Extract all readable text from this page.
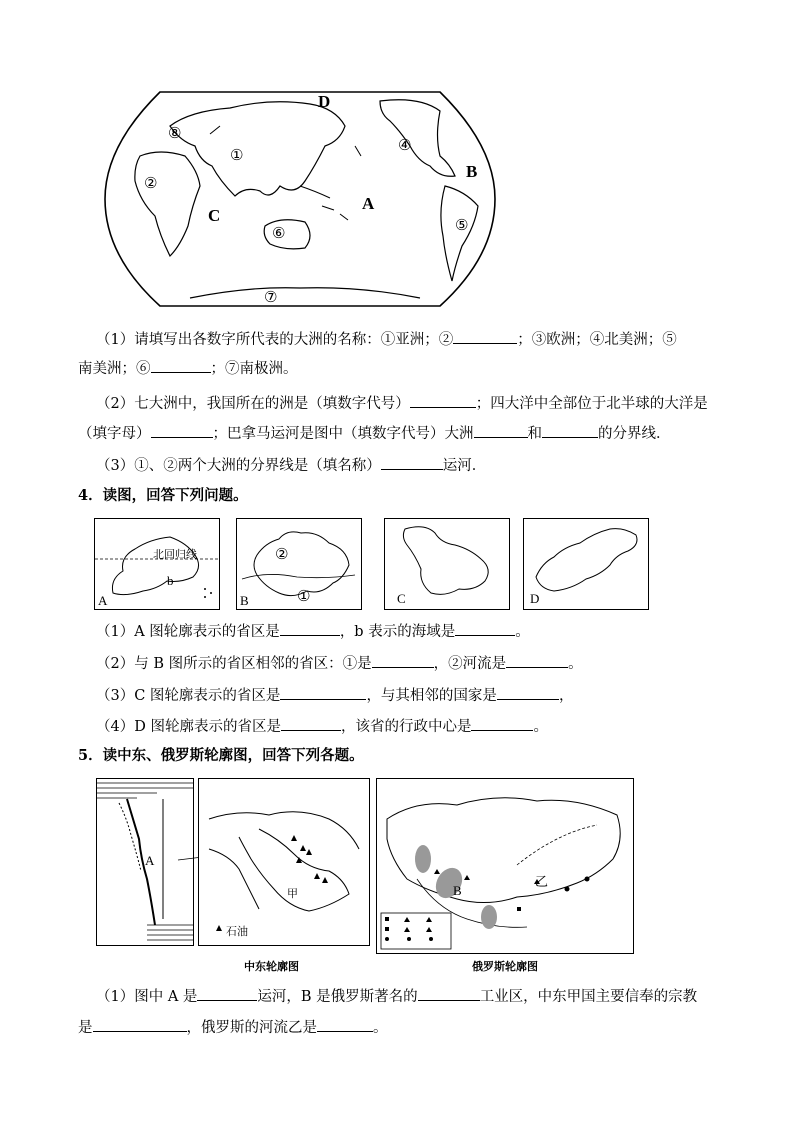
D
B
C
A
①
②
④
⑤
⑥
⑦
⑧
（1）请填写出各数字所代表的大洲的名称：①亚洲；②	；③欧洲；④北美洲；⑤
南美洲；⑥	；⑦南极洲。
（2）七大洲中，我国所在的洲是（填数字代号）	；四大洋中全部位于北半球的大洋是
（填字母）	；巴拿马运河是图中（填数字代号）大洲	和	的分界线．
（3）①、②两个大洲的分界线是（填名称）	运河．
4．读图，回答下列问题。
北回归线
b
A
②
①
B	C	D
（1）A 图轮廓表示的省区是	，b 表示的海域是	。
（2）与 B 图所示的省区相邻的省区：①是	，②河流是	。
（3）C 图轮廓表示的省区是	，与其相邻的国家是	，
（4）D 图轮廓表示的省区是	，该省的行政中心是	。
5．读中东、俄罗斯轮廓图，回答下列各题。
A
甲
石油
中东轮廓图
B
乙
俄罗斯轮廓图
（1）图中 A 是	运河，B 是俄罗斯著名的	工业区，中东甲国主要信奉的宗教
是	，俄罗斯的河流乙是	。
